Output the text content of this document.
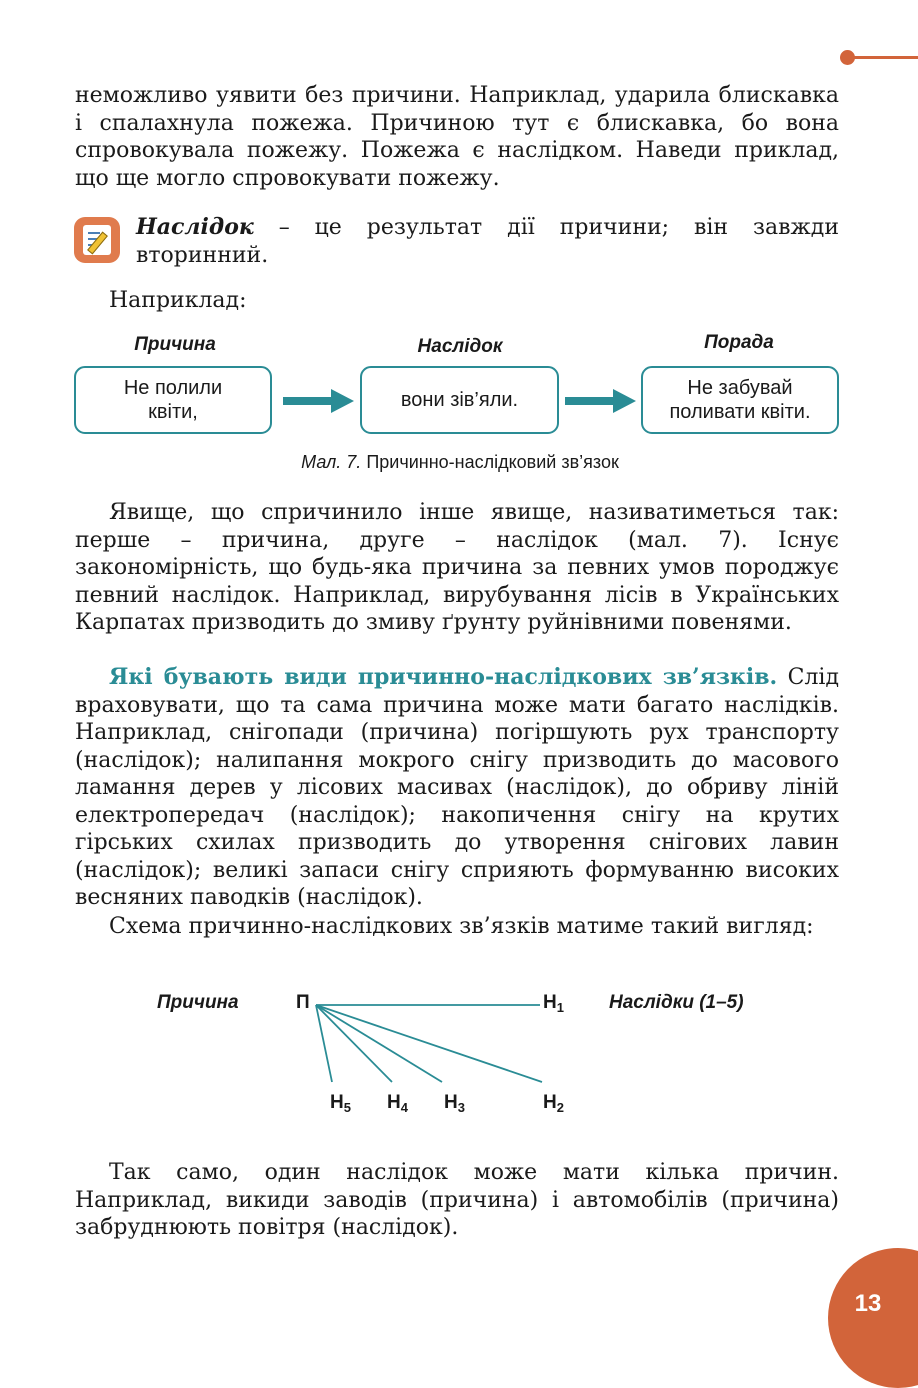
неможливо уявити без причини. Наприклад, ударила блискавка і спалахнула пожежа. Причиною тут є блискавка, бо вона спровокувала пожежу. Пожежа є наслідком. Наведи приклад, що ще могло спровокувати пожежу.

Наслідок – це результат дії причини; він завжди вторинний.

Наприклад:

Причина	Наслідок	Порада
Не полили
квіти,
вони зів’яли.
Не забувай
поливати квіти.
Мал. 7. Причинно-наслідковий зв’язок

Явище, що спричинило інше явище, називатиметься так: перше – причина, друге – наслідок (мал. 7). Існує закономірність, що будь-яка причина за певних умов породжує певний наслідок. Наприклад, вирубування лісів в Українських Карпатах призводить до змиву ґрунту руйнівними повенями.

Які бувають види причинно-наслідкових зв’язків. Слід враховувати, що та сама причина може мати багато наслідків. Наприклад, снігопади (причина) погіршують рух транспорту (наслідок); налипання мокрого снігу призводить до масового ламання дерев у лісових масивах (наслідок), до обриву ліній електропередач (наслідок); накопичення снігу на крутих гірських схилах призводить до утворення снігових лавин (наслідок); великі запаси снігу сприяють формуванню високих весняних паводків (наслідок).

Схема причинно-наслідкових зв’язків матиме такий вигляд:

Причина	Наслідки (1–5)
П	$Н_1$
$Н_2$
$Н_3$
$Н_4$
$Н_5$

Так само, один наслідок може мати кілька причин. Наприклад, викиди заводів (причина) і автомобілів (причина) забруднюють повітря (наслідок).

13
